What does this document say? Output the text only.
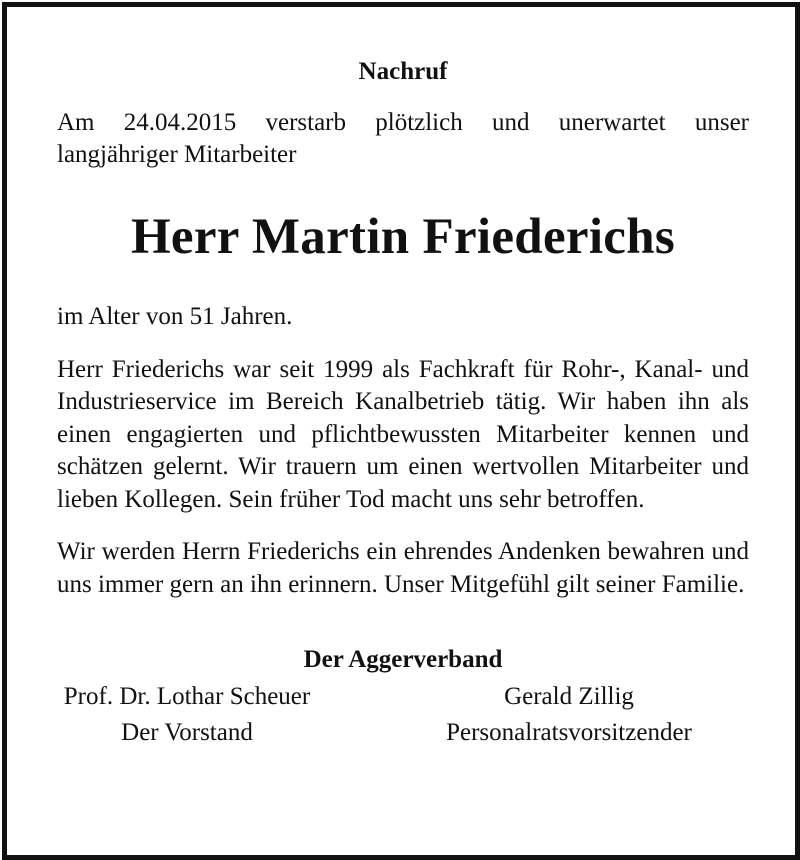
Nachruf
Am 24.04.2015 verstarb plötzlich und unerwartet unser
langjähriger Mitarbeiter
Herr Martin Friederichs
im Alter von 51 Jahren.
Herr Friederichs war seit 1999 als Fachkraft für Rohr-, Kanal- und Industrieservice im Bereich Kanalbetrieb tätig. Wir haben ihn als einen engagierten und pflichtbewussten Mitarbeiter kennen und schätzen gelernt. Wir trauern um einen wertvollen Mitarbeiter und lieben Kollegen. Sein früher Tod macht uns sehr betroffen.
Wir werden Herrn Friederichs ein ehrendes Andenken bewahren und uns immer gern an ihn erinnern. Unser Mitgefühl gilt seiner Familie.
Der Aggerverband
Prof. Dr. Lothar Scheuer
Der Vorstand
Gerald Zillig
Personalratsvorsitzender
